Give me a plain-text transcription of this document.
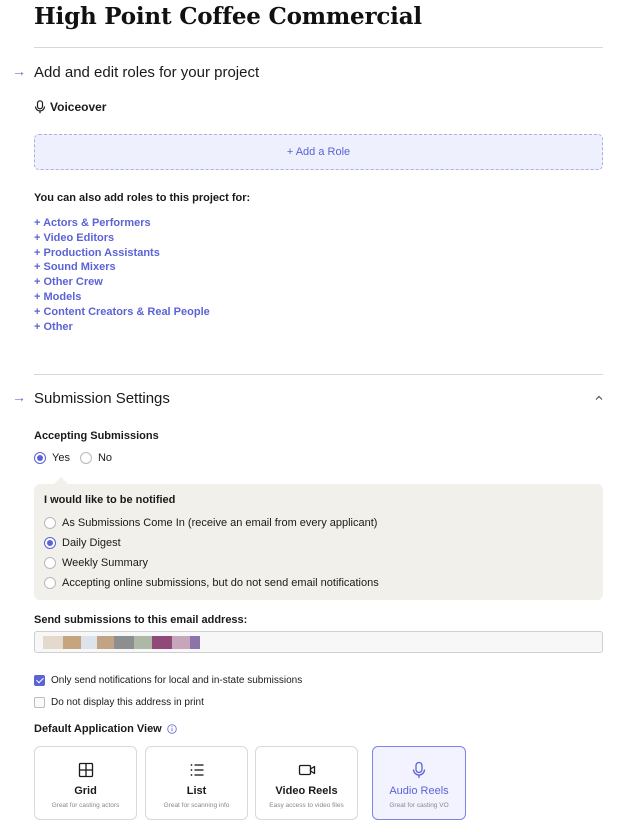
High Point Coffee Commercial
→ Add and edit roles for your project
Voiceover
+ Add a Role
You can also add roles to this project for:
+ Actors & Performers
+ Video Editors
+ Production Assistants
+ Sound Mixers
+ Other Crew
+ Models
+ Content Creators & Real People
+ Other
→ Submission Settings
Accepting Submissions
Yes	No
I would like to be notified
As Submissions Come In (receive an email from every applicant)
Daily Digest
Weekly Summary
Accepting online submissions, but do not send email notifications
Send submissions to this email address:
Only send notifications for local and in-state submissions
Do not display this address in print
Default Application View
Grid
Great for casting actors
List
Great for scanning info
Video Reels
Easy access to video files
Audio Reels
Great for casting VO
